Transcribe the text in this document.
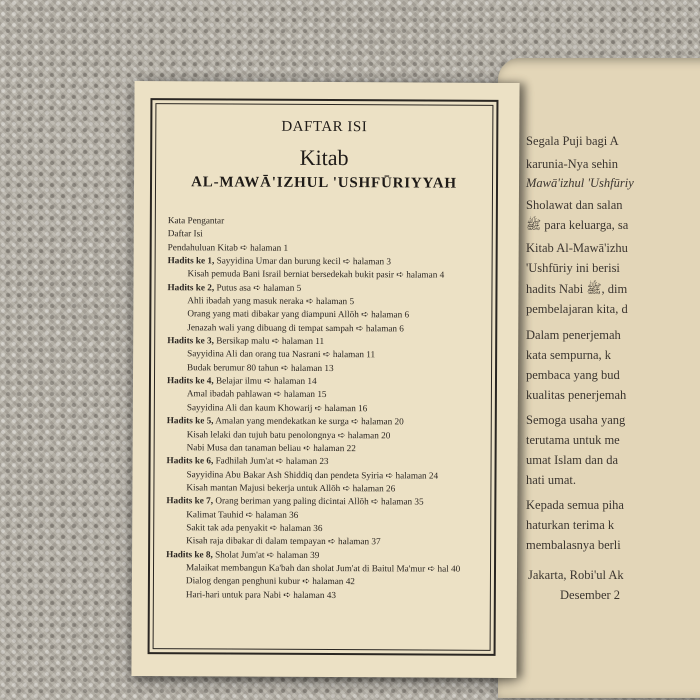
Segala Puji bagi A
karunia-Nya sehin
Mawā'izhul 'Ushfūriy
Sholawat dan salan
ﷺ para keluarga, sa
Kitab Al-Mawā'izhu
'Ushfūriy ini berisi
hadits Nabi ﷺ, dim
pembelajaran kita, d
Dalam penerjemah
kata sempurna, k
pembaca yang bud
kualitas penerjemah
Semoga usaha yang
terutama untuk me
umat Islam dan da
hati umat.
Kepada semua piha
haturkan terima k
membalasnya berli
Jakarta, Robi'ul Ak
Desember 2
DAFTAR ISI
Kitab
AL-MAWĀ'IZHUL 'USHFŪRIYYAH
Kata Pengantar
Daftar Isi
Pendahuluan Kitab ➪ halaman 1
Hadits ke 1, Sayyidina Umar dan burung kecil ➪ halaman 3
Kisah pemuda Bani Israil berniat bersedekah bukit pasir ➪ halaman 4
Hadits ke 2, Putus asa ➪ halaman 5
Ahli ibadah yang masuk neraka ➪ halaman 5
Orang yang mati dibakar yang diampuni Allōh ➪ halaman 6
Jenazah wali yang dibuang di tempat sampah ➪ halaman 6
Hadits ke 3, Bersikap malu ➪ halaman 11
Sayyidina Ali dan orang tua Nasrani ➪ halaman 11
Budak berumur 80 tahun ➪ halaman 13
Hadits ke 4, Belajar ilmu ➪ halaman 14
Amal ibadah pahlawan ➪ halaman 15
Sayyidina Ali dan kaum Khowarij ➪ halaman 16
Hadits ke 5, Amalan yang mendekatkan ke surga ➪ halaman 20
Kisah lelaki dan tujuh batu penolongnya ➪ halaman 20
Nabi Musa dan tanaman beliau ➪ halaman 22
Hadits ke 6, Fadhilah Jum'at ➪ halaman 23
Sayyidina Abu Bakar Ash Shiddiq dan pendeta Syiria ➪ halaman 24
Kisah mantan Majusi bekerja untuk Allōh ➪ halaman 26
Hadits ke 7, Orang beriman yang paling dicintai Allōh ➪ halaman 35
Kalimat Tauhid ➪ halaman 36
Sakit tak ada penyakit ➪ halaman 36
Kisah raja dibakar di dalam tempayan ➪ halaman 37
Hadits ke 8, Sholat Jum'at ➪ halaman 39
Malaikat membangun Ka'bah dan sholat Jum'at di Baitul Ma'mur ➪ hal 40
Dialog dengan penghuni kubur ➪ halaman 42
Hari-hari untuk para Nabi ➪ halaman 43
